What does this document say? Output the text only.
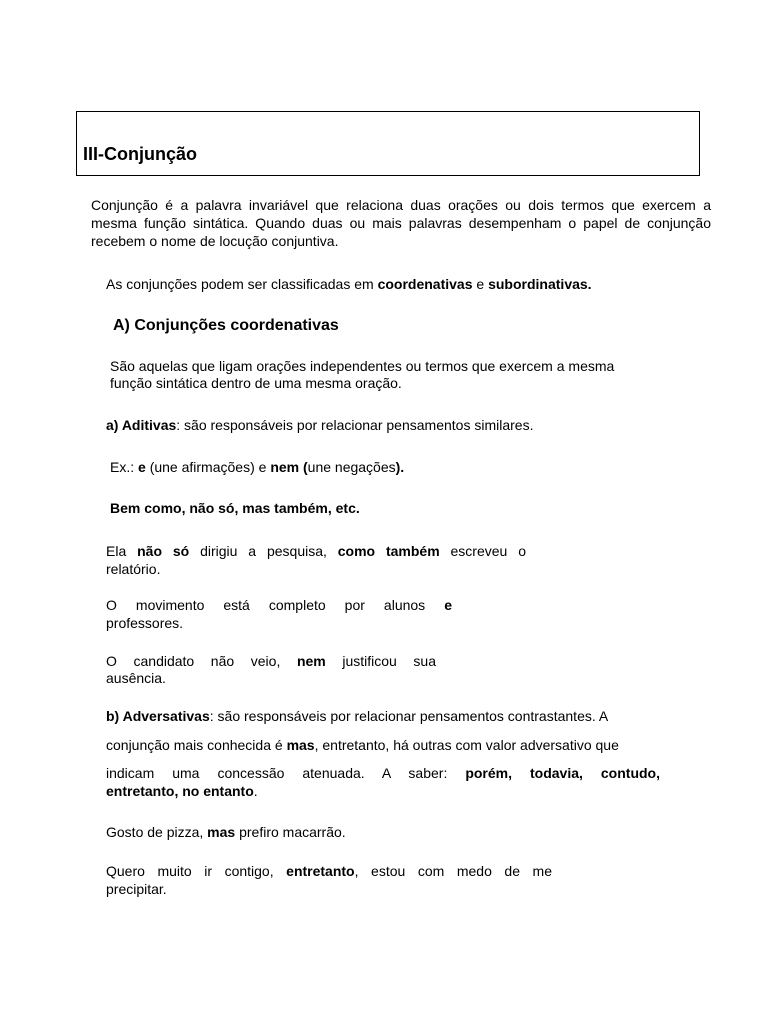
III-Conjunção
Conjunção é a palavra invariável que relaciona duas orações ou dois termos que exercem a mesma função sintática. Quando duas ou mais palavras desempenham o papel de conjunção recebem o nome de locução conjuntiva.
As conjunções podem ser classificadas em coordenativas e subordinativas.
A) Conjunções coordenativas
São aquelas que ligam orações independentes ou termos que exercem a mesma
função sintática dentro de uma mesma oração.
a) Aditivas: são responsáveis por relacionar pensamentos similares.
Ex.: e (une afirmações) e nem (une negações).
Bem como, não só, mas também, etc.
Ela não só dirigiu a pesquisa, como também escreveu o
relatório.
O movimento está completo por alunos e
professores.
O candidato não veio, nem justificou sua
ausência.
b) Adversativas: são responsáveis por relacionar pensamentos contrastantes. A
conjunção mais conhecida é mas, entretanto, há outras com valor adversativo que
indicam uma concessão atenuada. A saber: porém, todavia, contudo,
entretanto, no entanto.
Gosto de pizza, mas prefiro macarrão.
Quero muito ir contigo, entretanto, estou com medo de me
precipitar.
